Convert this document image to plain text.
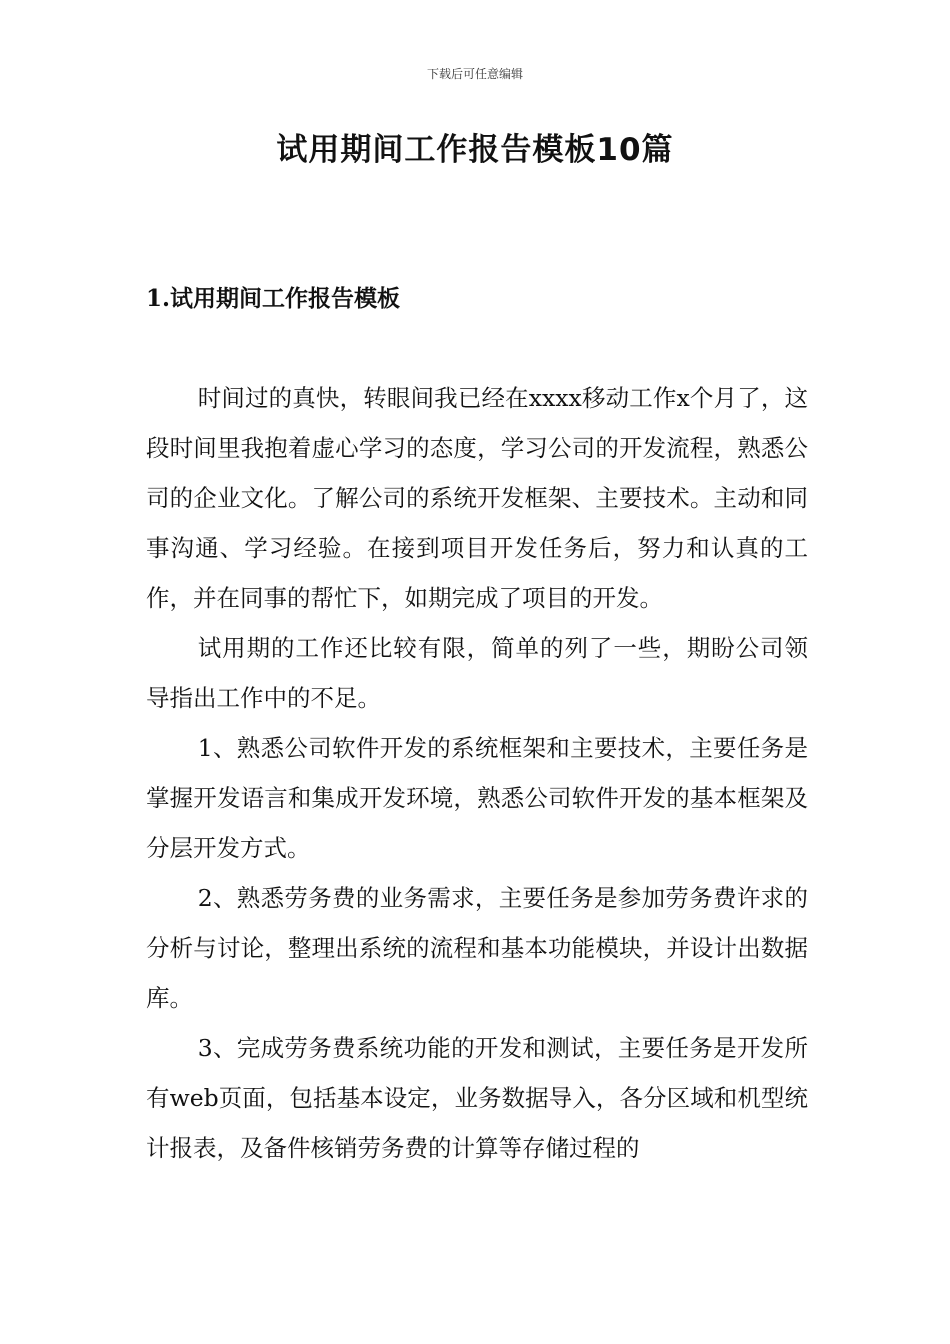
下载后可任意编辑
试用期间工作报告模板10篇
1.试用期间工作报告模板

时间过的真快，转眼间我已经在xxxx移动工作x个月了，这段时间里我抱着虚心学习的态度，学习公司的开发流程，熟悉公司的企业文化。了解公司的系统开发框架、主要技术。主动和同事沟通、学习经验。在接到项目开发任务后，努力和认真的工作，并在同事的帮忙下，如期完成了项目的开发。

试用期的工作还比较有限，简单的列了一些，期盼公司领导指出工作中的不足。

1、熟悉公司软件开发的系统框架和主要技术，主要任务是掌握开发语言和集成开发环境，熟悉公司软件开发的基本框架及分层开发方式。

2、熟悉劳务费的业务需求，主要任务是参加劳务费许求的分析与讨论，整理出系统的流程和基本功能模块，并设计出数据库。

3、完成劳务费系统功能的开发和测试，主要任务是开发所有web页面，包括基本设定，业务数据导入，各分区域和机型统计报表，及备件核销劳务费的计算等存储过程的
